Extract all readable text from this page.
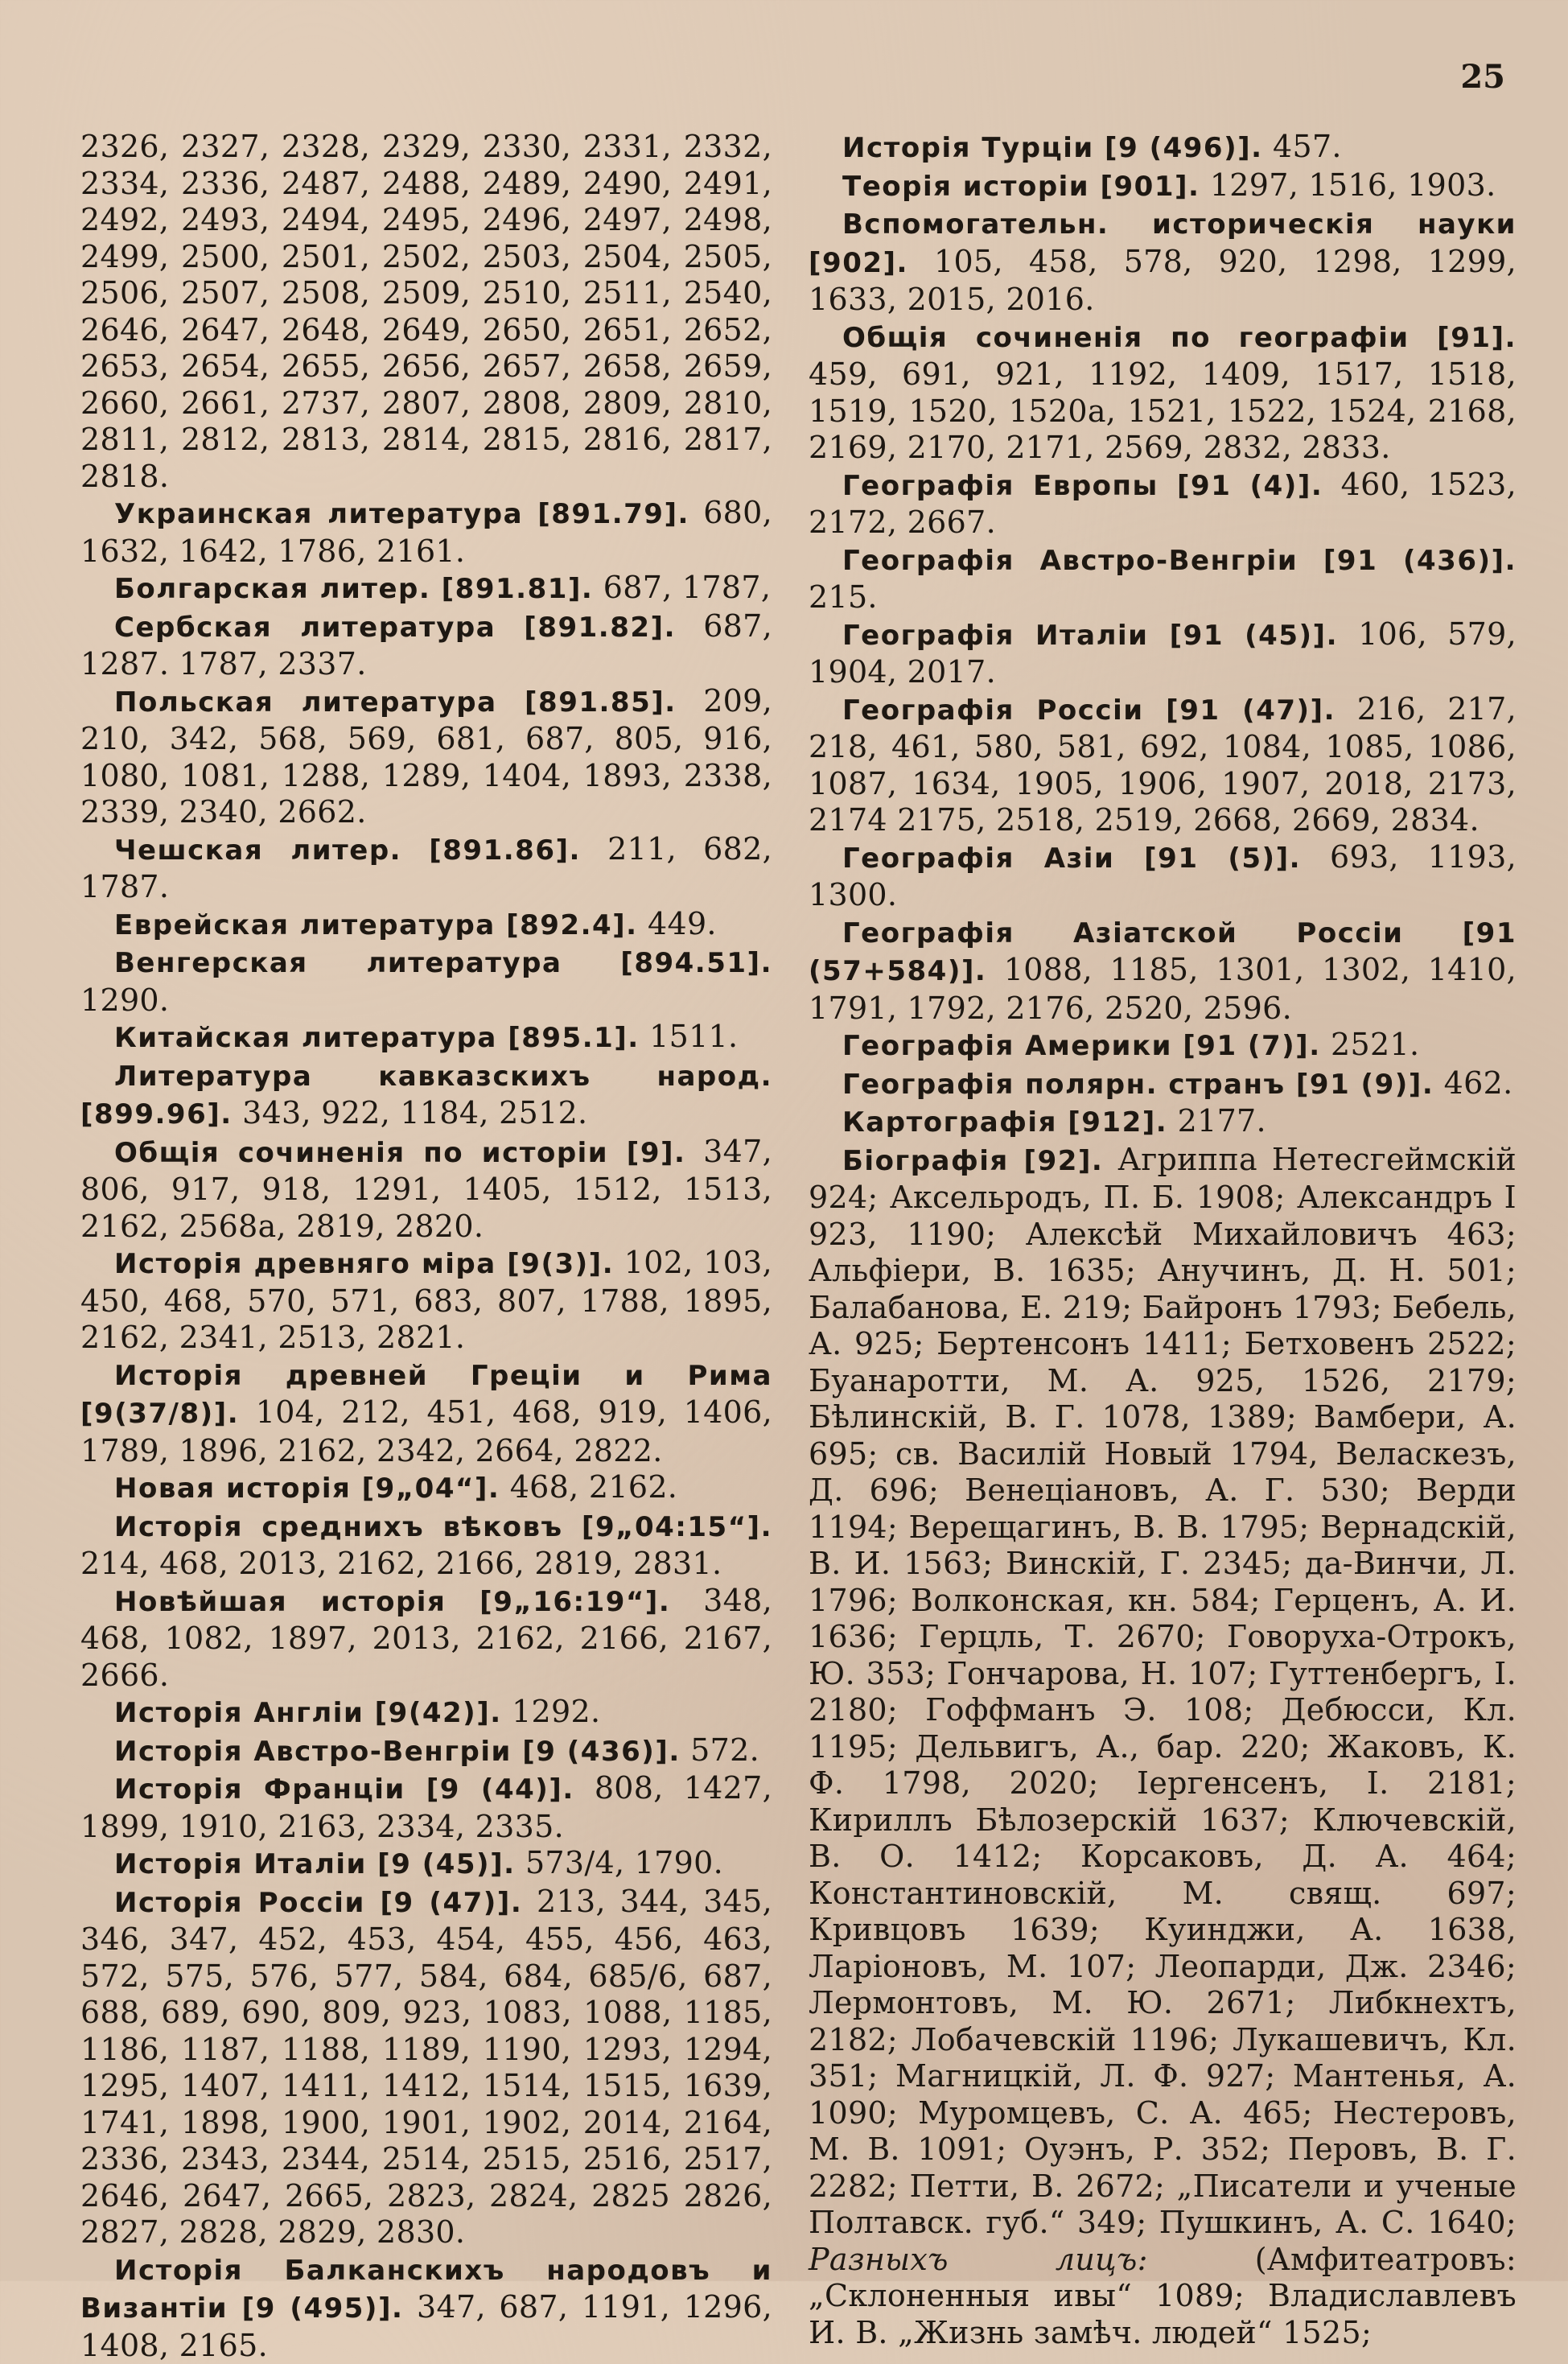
25

2326, 2327, 2328, 2329, 2330, 2331, 2332, 2334, 2336, 2487, 2488, 2489, 2490, 2491, 2492, 2493, 2494, 2495, 2496, 2497, 2498, 2499, 2500, 2501, 2502, 2503, 2504, 2505, 2506, 2507, 2508, 2509, 2510, 2511, 2540, 2646, 2647, 2648, 2649, 2650, 2651, 2652, 2653, 2654, 2655, 2656, 2657, 2658, 2659, 2660, 2661, 2737, 2807, 2808, 2809, 2810, 2811, 2812, 2813, 2814, 2815, 2816, 2817, 2818.

Украинская литература [891.79]. 680, 1632, 1642, 1786, 2161.

Болгарская литер. [891.81]. 687, 1787,

Сербская литература [891.82]. 687, 1287. 1787, 2337.

Польская литература [891.85]. 209, 210, 342, 568, 569, 681, 687, 805, 916, 1080, 1081, 1288, 1289, 1404, 1893, 2338, 2339, 2340, 2662.

Чешская литер. [891.86]. 211, 682, 1787.

Еврейская литература [892.4]. 449.

Венгерская литература [894.51]. 1290.

Китайская литература [895.1]. 1511.

Литература кавказскихъ народ. [899.96]. 343, 922, 1184, 2512.

Общія сочиненія по исторіи [9]. 347, 806, 917, 918, 1291, 1405, 1512, 1513, 2162, 2568a, 2819, 2820.

Исторія древняго міра [9(3)]. 102, 103, 450, 468, 570, 571, 683, 807, 1788, 1895, 2162, 2341, 2513, 2821.

Исторія древней Греціи и Рима [9(37/8)]. 104, 212, 451, 468, 919, 1406, 1789, 1896, 2162, 2342, 2664, 2822.

Новая исторія [9„04“]. 468, 2162.

Исторія среднихъ вѣковъ [9„04:15“]. 214, 468, 2013, 2162, 2166, 2819, 2831.

Новѣйшая исторія [9„16:19“]. 348, 468, 1082, 1897, 2013, 2162, 2166, 2167, 2666.

Исторія Англіи [9(42)]. 1292.

Исторія Австро-Венгріи [9 (436)]. 572.

Исторія Франціи [9 (44)]. 808, 1427, 1899, 1910, 2163, 2334, 2335.

Исторія Италіи [9 (45)]. 573/4, 1790.

Исторія Россіи [9 (47)]. 213, 344, 345, 346, 347, 452, 453, 454, 455, 456, 463, 572, 575, 576, 577, 584, 684, 685/6, 687, 688, 689, 690, 809, 923, 1083, 1088, 1185, 1186, 1187, 1188, 1189, 1190, 1293, 1294, 1295, 1407, 1411, 1412, 1514, 1515, 1639, 1741, 1898, 1900, 1901, 1902, 2014, 2164, 2336, 2343, 2344, 2514, 2515, 2516, 2517, 2646, 2647, 2665, 2823, 2824, 2825 2826, 2827, 2828, 2829, 2830.

Исторія Балканскихъ народовъ и Византіи [9 (495)]. 347, 687, 1191, 1296, 1408, 2165.

Исторія Турціи [9 (496)]. 457.

Теорія исторіи [901]. 1297, 1516, 1903.

Вспомогательн. историческія науки [902]. 105, 458, 578, 920, 1298, 1299, 1633, 2015, 2016.

Общія сочиненія по географіи [91]. 459, 691, 921, 1192, 1409, 1517, 1518, 1519, 1520, 1520a, 1521, 1522, 1524, 2168, 2169, 2170, 2171, 2569, 2832, 2833.

Географія Европы [91 (4)]. 460, 1523, 2172, 2667.

Географія Австро-Венгріи [91 (436)]. 215.

Географія Италіи [91 (45)]. 106, 579, 1904, 2017.

Географія Россіи [91 (47)]. 216, 217, 218, 461, 580, 581, 692, 1084, 1085, 1086, 1087, 1634, 1905, 1906, 1907, 2018, 2173, 2174 2175, 2518, 2519, 2668, 2669, 2834.

Географія Азіи [91 (5)]. 693, 1193, 1300.

Географія Азіатской Россіи [91 (57+584)]. 1088, 1185, 1301, 1302, 1410, 1791, 1792, 2176, 2520, 2596.

Географія Америки [91 (7)]. 2521.

Географія полярн. странъ [91 (9)]. 462.

Картографія [912]. 2177.

Біографія [92]. Агриппа Нетесгеймскій 924; Аксельродъ, П. Б. 1908; Александръ I 923, 1190; Алексѣй Михайловичъ 463; Альфіери, В. 1635; Анучинъ, Д. Н. 501; Балабанова, Е. 219; Байронъ 1793; Бебель, А. 925; Бертенсонъ 1411; Бетховенъ 2522; Буанаротти, М. А. 925, 1526, 2179; Бѣлинскій, В. Г. 1078, 1389; Вамбери, А. 695; св. Василій Новый 1794, Веласкезъ, Д. 696; Венеціановъ, А. Г. 530; Верди 1194; Верещагинъ, В. В. 1795; Вернадскій, В. И. 1563; Винскій, Г. 2345; да-Винчи, Л. 1796; Волконская, кн. 584; Герценъ, А. И. 1636; Герцль, Т. 2670; Говоруха-Отрокъ, Ю. 353; Гончарова, Н. 107; Гуттенбергъ, I. 2180; Гоффманъ Э. 108; Дебюсси, Кл. 1195; Дельвигъ, А., бар. 220; Жаковъ, К. Ф. 1798, 2020; Іергенсенъ, I. 2181; Кириллъ Бѣлозерскій 1637; Ключевскій, В. О. 1412; Корсаковъ, Д. А. 464; Константиновскій, М. свящ. 697; Кривцовъ 1639; Куинджи, А. 1638, Ларіоновъ, М. 107; Леопарди, Дж. 2346; Лермонтовъ, М. Ю. 2671; Либкнехтъ, 2182; Лобачевскій 1196; Лукашевичъ, Кл. 351; Магницкій, Л. Ф. 927; Мантенья, А. 1090; Муромцевъ, С. А. 465; Нестеровъ, М. В. 1091; Оуэнъ, Р. 352; Перовъ, В. Г. 2282; Петти, В. 2672; „Писатели и ученые Полтавск. губ.“ 349; Пушкинъ, А. С. 1640; Разныхъ лицъ:	(Амфитеатровъ: „Склоненныя ивы“ 1089; Владиславлевъ И. В. „Жизнь замѣч. людей“ 1525;
